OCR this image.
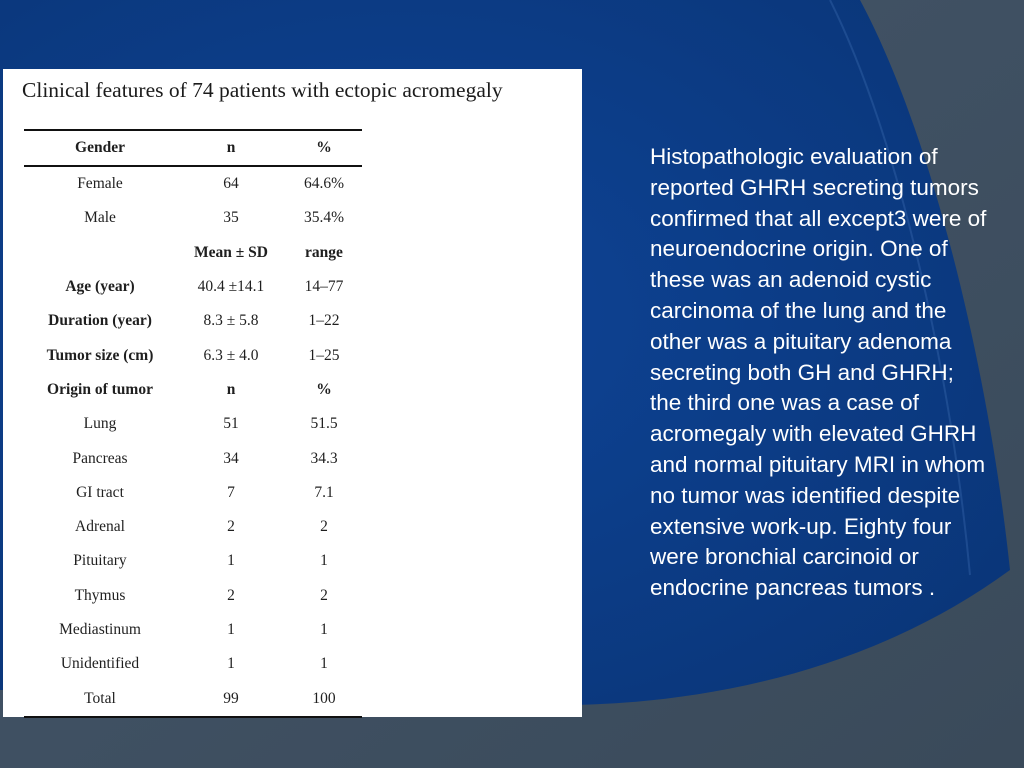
Clinical features of 74 patients with ectopic acromegaly
Gender	n	%
Female	64	64.6%
Male	35	35.4%
	Mean ± SD	range
Age (year)	40.4 ±14.1	14–77
Duration (year)	8.3 ± 5.8	1–22
Tumor size (cm)	6.3 ± 4.0	1–25
Origin of tumor	n	%
Lung	51	51.5
Pancreas	34	34.3
GI tract	7	7.1
Adrenal	2	2
Pituitary	1	1
Thymus	2	2
Mediastinum	1	1
Unidentified	1	1
Total	99	100

Histopathologic evaluation of reported GHRH secreting tumors confirmed that all except3 were of neuroendocrine origin. One of these was an adenoid cystic carcinoma of the lung and the other was a pituitary adenoma secreting both GH and GHRH; the third one was a case of acromegaly with elevated GHRH and normal pituitary MRI in whom no tumor was identified despite extensive work-up. Eighty four were bronchial carcinoid or endocrine pancreas tumors .
